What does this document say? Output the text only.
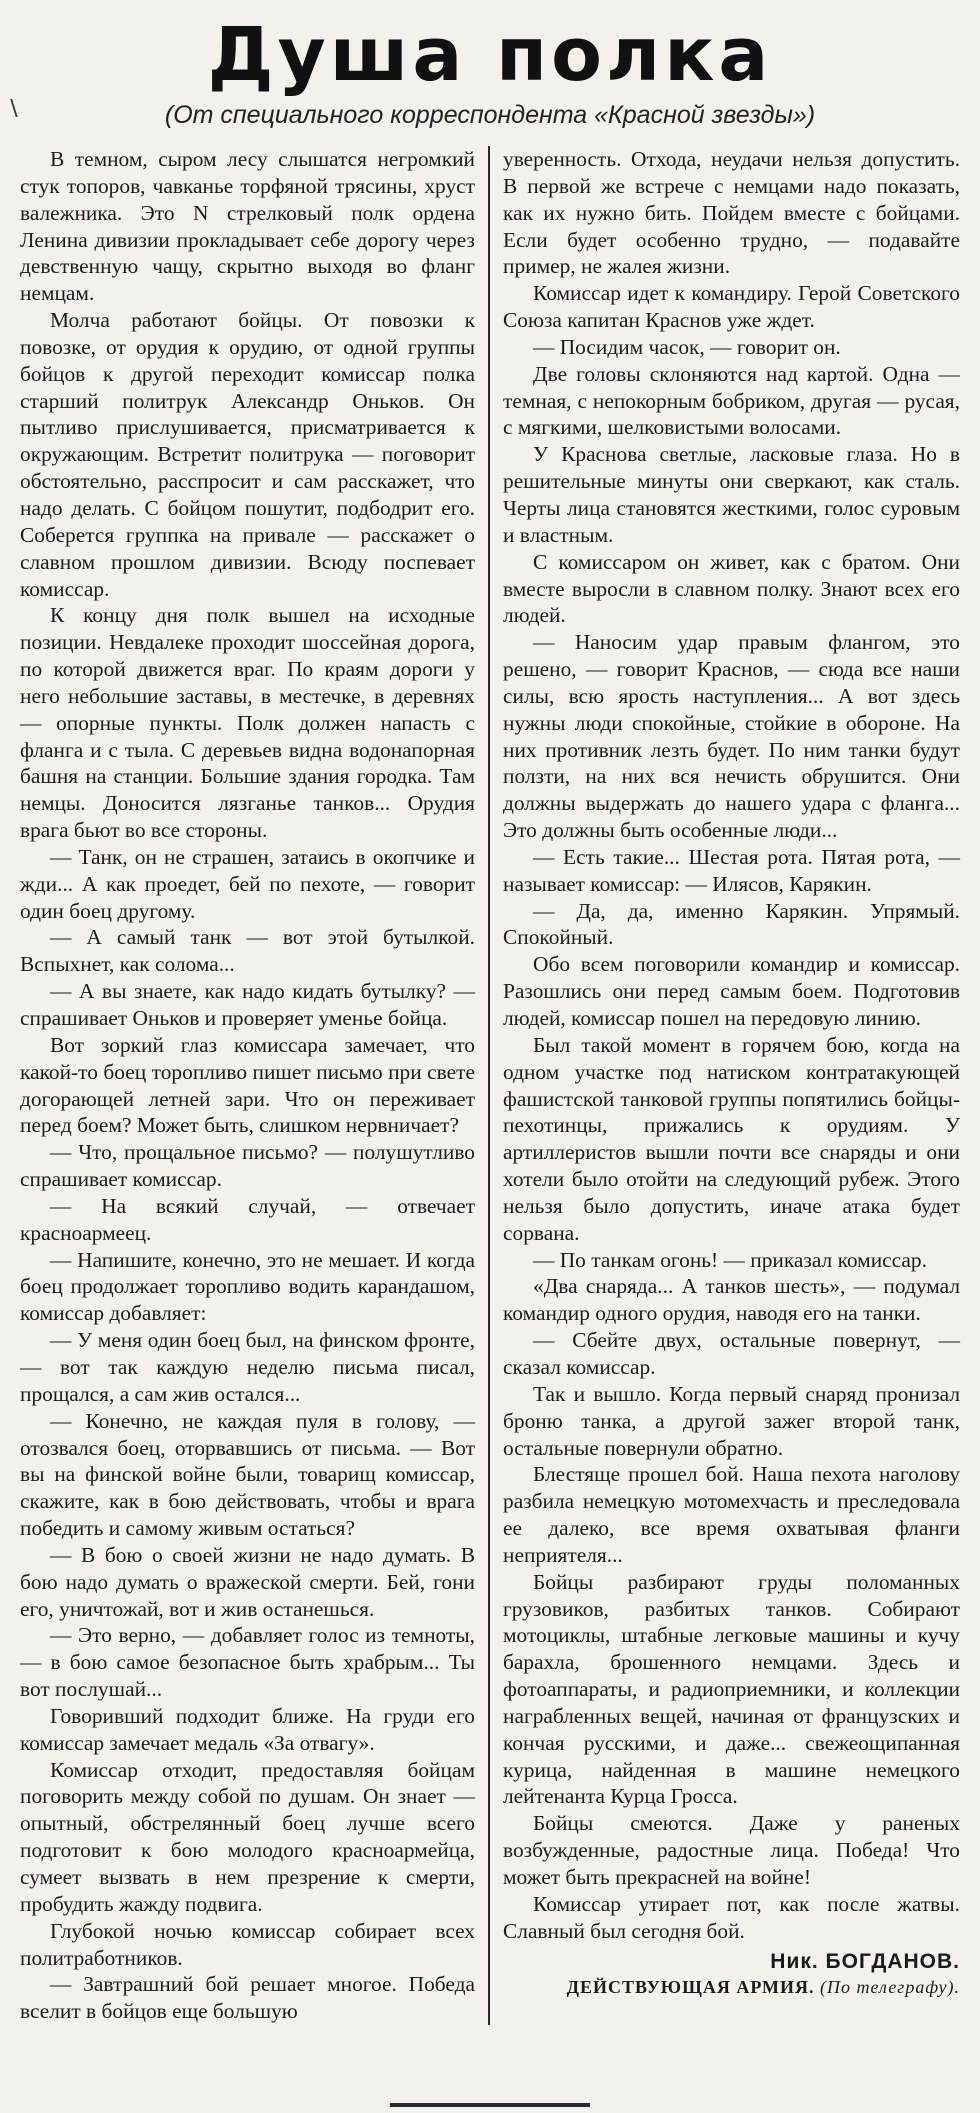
∖
Душа полка
(От специального корреспондента «Красной звезды»)

В темном, сыром лесу слышатся негромкий стук топоров, чавканье торфяной трясины, хруст валежника. Это N стрелковый полк ордена Ленина дивизии прокладывает себе дорогу через девственную чащу, скрытно выходя во фланг немцам.

Молча работают бойцы. От повозки к повозке, от орудия к орудию, от одной группы бойцов к другой переходит комиссар полка старший политрук Александр Оньков. Он пытливо прислушивается, присматривается к окружающим. Встретит политрука — поговорит обстоятельно, расспросит и сам расскажет, что надо делать. С бойцом пошутит, подбодрит его. Соберется группка на привале — расскажет о славном прошлом дивизии. Всюду поспевает комиссар.

К концу дня полк вышел на исходные позиции. Невдалеке проходит шоссейная дорога, по которой движется враг. По краям дороги у него небольшие заставы, в местечке, в деревнях — опорные пункты. Полк должен напасть с фланга и с тыла. С деревьев видна водонапорная башня на станции. Большие здания городка. Там немцы. Доносится лязганье танков... Орудия врага бьют во все стороны.

— Танк, он не страшен, затаись в окопчике и жди... А как проедет, бей по пехоте, — говорит один боец другому.

— А самый танк — вот этой бутылкой. Вспыхнет, как солома...

— А вы знаете, как надо кидать бутылку? — спрашивает Оньков и проверяет уменье бойца.

Вот зоркий глаз комиссара замечает, что какой-то боец торопливо пишет письмо при свете догорающей летней зари. Что он переживает перед боем? Может быть, слишком нервничает?

— Что, прощальное письмо? — полушутливо спрашивает комиссар.

— На всякий случай, — отвечает красноармеец.

— Напишите, конечно, это не мешает. И когда боец продолжает торопливо водить карандашом, комиссар добавляет:

— У меня один боец был, на финском фронте, — вот так каждую неделю письма писал, прощался, а сам жив остался...

— Конечно, не каждая пуля в голову, — отозвался боец, оторвавшись от письма. — Вот вы на финской войне были, товарищ комиссар, скажите, как в бою действовать, чтобы и врага победить и самому живым остаться?

— В бою о своей жизни не надо думать. В бою надо думать о вражеской смерти. Бей, гони его, уничтожай, вот и жив останешься.

— Это верно, — добавляет голос из темноты, — в бою самое безопасное быть храбрым... Ты вот послушай...

Говоривший подходит ближе. На груди его комиссар замечает медаль «За отвагу».

Комиссар отходит, предоставляя бойцам поговорить между собой по душам. Он знает — опытный, обстрелянный боец лучше всего подготовит к бою молодого красноармейца, сумеет вызвать в нем презрение к смерти, пробудить жажду подвига.

Глубокой ночью комиссар собирает всех политработников.

— Завтрашний бой решает многое. Победа вселит в бойцов еще большую

уверенность. Отхода, неудачи нельзя допустить. В первой же встрече с немцами надо показать, как их нужно бить. Пойдем вместе с бойцами. Если будет особенно трудно, — подавайте пример, не жалея жизни.

Комиссар идет к командиру. Герой Советского Союза капитан Краснов уже ждет.

— Посидим часок, — говорит он.

Две головы склоняются над картой. Одна — темная, с непокорным бобриком, другая — русая, с мягкими, шелковистыми волосами.

У Краснова светлые, ласковые глаза. Но в решительные минуты они сверкают, как сталь. Черты лица становятся жесткими, голос суровым и властным.

С комиссаром он живет, как с братом. Они вместе выросли в славном полку. Знают всех его людей.

— Наносим удар правым флангом, это решено, — говорит Краснов, — сюда все наши силы, всю ярость наступления... А вот здесь нужны люди спокойные, стойкие в обороне. На них противник лезть будет. По ним танки будут ползти, на них вся нечисть обрушится. Они должны выдержать до нашего удара с фланга... Это должны быть особенные люди...

— Есть такие... Шестая рота. Пятая рота, — называет комиссар: — Илясов, Карякин.

— Да, да, именно Карякин. Упрямый. Спокойный.

Обо всем поговорили командир и комиссар. Разошлись они перед самым боем. Подготовив людей, комиссар пошел на передовую линию.

Был такой момент в горячем бою, когда на одном участке под натиском контратакующей фашистской танковой группы попятились бойцы-пехотинцы, прижались к орудиям. У артиллеристов вышли почти все снаряды и они хотели было отойти на следующий рубеж. Этого нельзя было допустить, иначе атака будет сорвана.

— По танкам огонь! — приказал комиссар.

«Два снаряда... А танков шесть», — подумал командир одного орудия, наводя его на танки.

— Сбейте двух, остальные повернут, — сказал комиссар.

Так и вышло. Когда первый снаряд пронизал броню танка, а другой зажег второй танк, остальные повернули обратно.

Блестяще прошел бой. Наша пехота наголову разбила немецкую мотомехчасть и преследовала ее далеко, все время охватывая фланги неприятеля...

Бойцы разбирают груды поломанных грузовиков, разбитых танков. Собирают мотоциклы, штабные легковые машины и кучу барахла, брошенного немцами. Здесь и фотоаппараты, и радиоприемники, и коллекции награбленных вещей, начиная от французских и кончая русскими, и даже... свежеощипанная курица, найденная в машине немецкого лейтенанта Курца Гросса.

Бойцы смеются. Даже у раненых возбужденные, радостные лица. Победа! Что может быть прекрасней на войне!

Комиссар утирает пот, как после жатвы. Славный был сегодня бой.

Ник. БОГДАНОВ.
ДЕЙСТВУЮЩАЯ АРМИЯ. (По телеграфу).
